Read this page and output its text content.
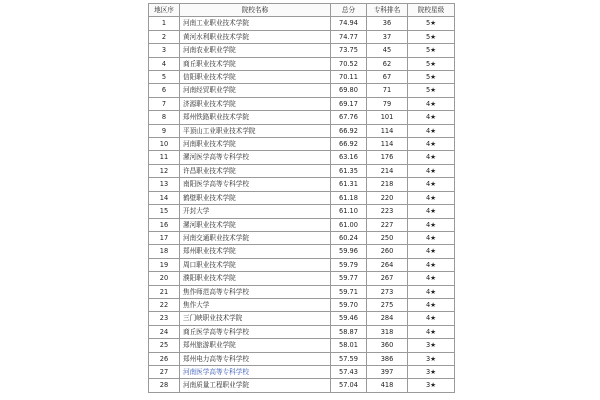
地区序	院校名称	总分	专科排名	院校星级
1	河南工业职业技术学院	74.94	36	5★
2	黄河水利职业技术学院	74.77	37	5★
3	河南农业职业学院	73.75	45	5★
4	商丘职业技术学院	70.52	62	5★
5	信阳职业技术学院	70.11	67	5★
6	河南经贸职业学院	69.80	71	5★
7	济源职业技术学院	69.17	79	4★
8	郑州铁路职业技术学院	67.76	101	4★
9	平顶山工业职业技术学院	66.92	114	4★
10	河南职业技术学院	66.92	114	4★
11	漯河医学高等专科学校	63.16	176	4★
12	许昌职业技术学院	61.35	214	4★
13	南阳医学高等专科学校	61.31	218	4★
14	鹤壁职业技术学院	61.18	220	4★
15	开封大学	61.10	223	4★
16	漯河职业技术学院	61.00	227	4★
17	河南交通职业技术学院	60.24	250	4★
18	郑州职业技术学院	59.96	260	4★
19	周口职业技术学院	59.79	264	4★
20	濮阳职业技术学院	59.77	267	4★
21	焦作师范高等专科学校	59.71	273	4★
22	焦作大学	59.70	275	4★
23	三门峡职业技术学院	59.46	284	4★
24	商丘医学高等专科学校	58.87	318	4★
25	郑州旅游职业学院	58.01	360	3★
26	郑州电力高等专科学校	57.59	386	3★
27	河南医学高等专科学校	57.43	397	3★
28	河南质量工程职业学院	57.04	418	3★
